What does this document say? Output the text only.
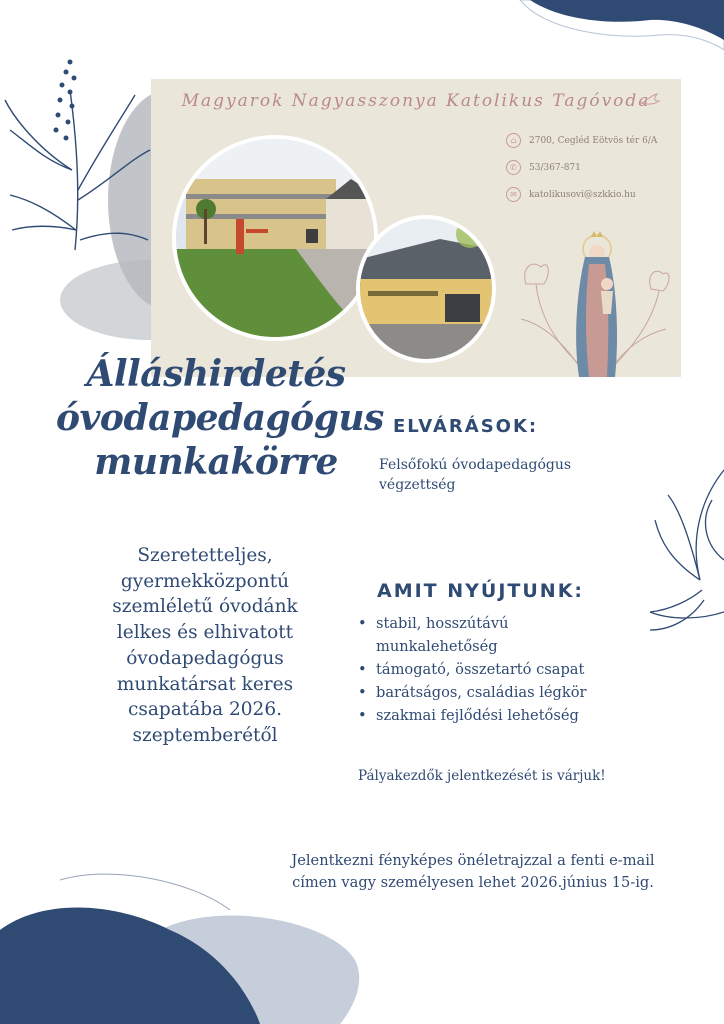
Magyarok Nagyasszonya Katolikus Tagóvoda
⌂	2700, Cegléd Eötvös tér 6/A
✆	53/367-871
✉	katolikusovi@szkkio.hu
Álláshirdetés
óvodapedagógus
munkakörre
ELVÁRÁSOK:
Felsőfokú óvodapedagógus
végzettség
Szeretetteljes,
gyermekközpontú
szemléletű óvodánk
lelkes és elhivatott
óvodapedagógus
munkatársat keres
csapatába 2026.
szeptemberétől
AMIT NYÚJTUNK:
• stabil, hosszútávú munkalehetőség
• támogató, összetartó csapat
• barátságos, családias légkör
• szakmai fejlődési lehetőség
Pályakezdők jelentkezését is várjuk!
Jelentkezni fényképes önéletrajzzal a fenti e-mail
címen vagy személyesen lehet 2026.június 15-ig.
